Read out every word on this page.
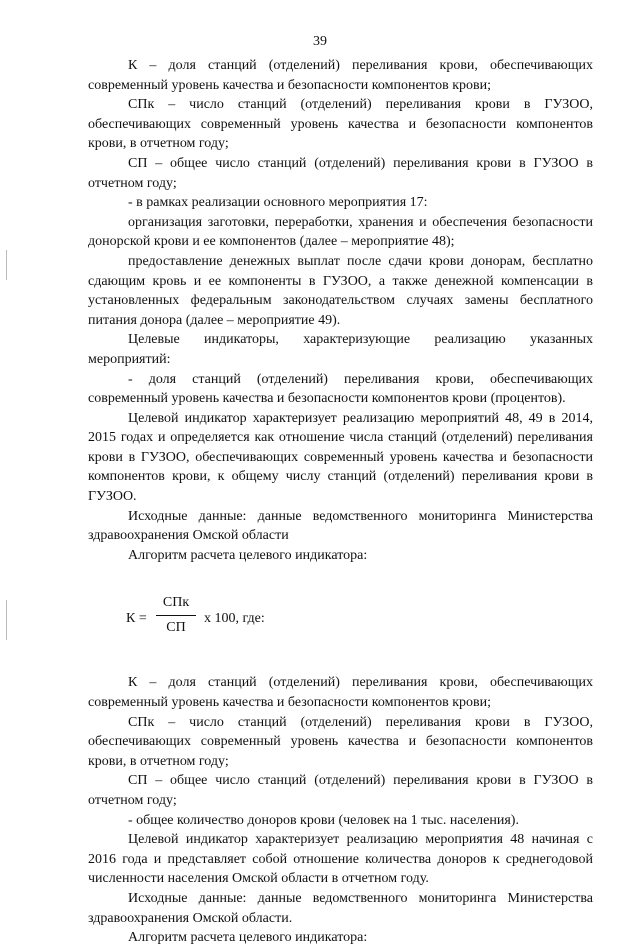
39

К – доля станций (отделений) переливания крови, обеспечивающих современный уровень качества и безопасности компонентов крови;

СПк – число станций (отделений) переливания крови в ГУЗОО, обеспечивающих современный уровень качества и безопасности компонентов крови, в отчетном году;

СП – общее число станций (отделений) переливания крови в ГУЗОО в отчетном году;

- в рамках реализации основного мероприятия 17:

организация заготовки, переработки, хранения и обеспечения безопасности донорской крови и ее компонентов (далее – мероприятие 48);

предоставление денежных выплат после сдачи крови донорам, бесплатно сдающим кровь и ее компоненты в ГУЗОО, а также денежной компенсации в установленных федеральным законодательством случаях замены бесплатного питания донора (далее – мероприятие 49).

Целевые индикаторы, характеризующие реализацию указанных мероприятий:

- доля станций (отделений) переливания крови, обеспечивающих современный уровень качества и безопасности компонентов крови (процентов).

Целевой индикатор характеризует реализацию мероприятий 48, 49 в 2014, 2015 годах и определяется как отношение числа станций (отделений) переливания крови в ГУЗОО, обеспечивающих современный уровень качества и безопасности компонентов крови, к общему числу станций (отделений) переливания крови в ГУЗОО.

Исходные данные: данные ведомственного мониторинга Министерства здравоохранения Омской области

Алгоритм расчета целевого индикатора:

К =
СПк
СП
x 100, где:

К – доля станций (отделений) переливания крови, обеспечивающих современный уровень качества и безопасности компонентов крови;

СПк – число станций (отделений) переливания крови в ГУЗОО, обеспечивающих современный уровень качества и безопасности компонентов крови, в отчетном году;

СП – общее число станций (отделений) переливания крови в ГУЗОО в отчетном году;

- общее количество доноров крови (человек на 1 тыс. населения).

Целевой индикатор характеризует реализацию мероприятия 48 начиная с 2016 года и представляет собой отношение количества доноров к среднегодовой численности населения Омской области в отчетном году.

Исходные данные: данные ведомственного мониторинга Министерства здравоохранения Омской области.

Алгоритм расчета целевого индикатора:
